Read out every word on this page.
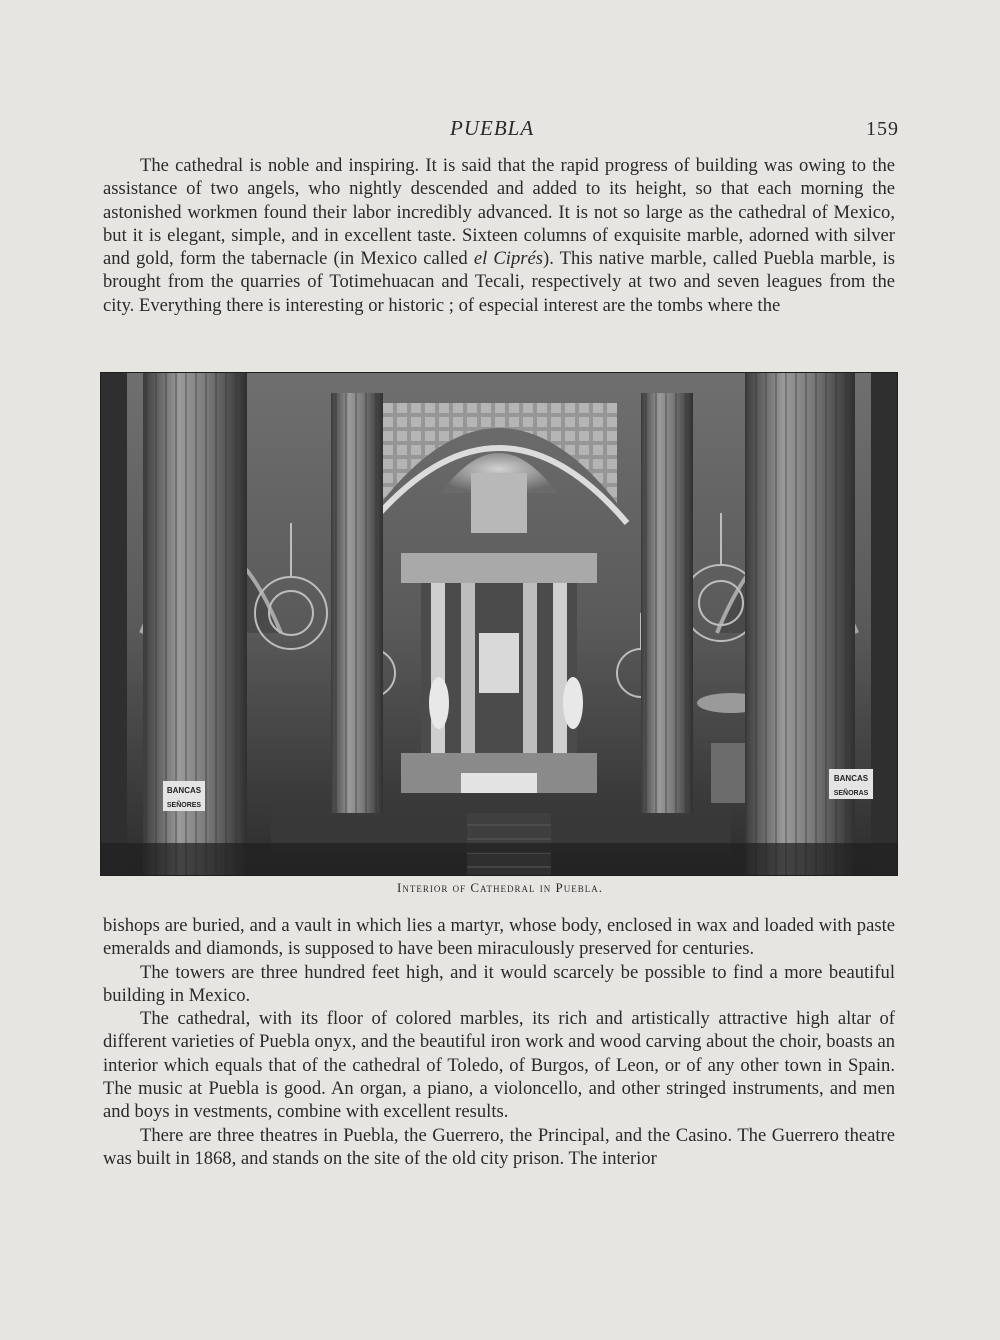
PUEBLA	159

The cathedral is noble and inspiring. It is said that the rapid progress of building was owing to the assistance of two angels, who nightly descended and added to its height, so that each morning the astonished workmen found their labor incredibly advanced. It is not so large as the cathedral of Mexico, but it is elegant, simple, and in excellent taste. Sixteen columns of exquisite marble, adorned with silver and gold, form the tabernacle (in Mexico called el Ciprés). This native marble, called Puebla marble, is brought from the quarries of Totimehuacan and Tecali, respectively at two and seven leagues from the city. Everything there is interesting or historic ; of especial interest are the tombs where the

BANCAS
SEÑORES
BANCAS
SEÑORAS
Interior of Cathedral in Puebla.

bishops are buried, and a vault in which lies a martyr, whose body, enclosed in wax and loaded with paste emeralds and diamonds, is supposed to have been miraculously preserved for centuries.

The towers are three hundred feet high, and it would scarcely be possible to find a more beautiful building in Mexico.

The cathedral, with its floor of colored marbles, its rich and artistically attractive high altar of different varieties of Puebla onyx, and the beautiful iron work and wood carving about the choir, boasts an interior which equals that of the cathedral of Toledo, of Burgos, of Leon, or of any other town in Spain. The music at Puebla is good. An organ, a piano, a violoncello, and other stringed instruments, and men and boys in vestments, combine with excellent results.

There are three theatres in Puebla, the Guerrero, the Principal, and the Casino. The Guerrero theatre was built in 1868, and stands on the site of the old city prison. The interior
